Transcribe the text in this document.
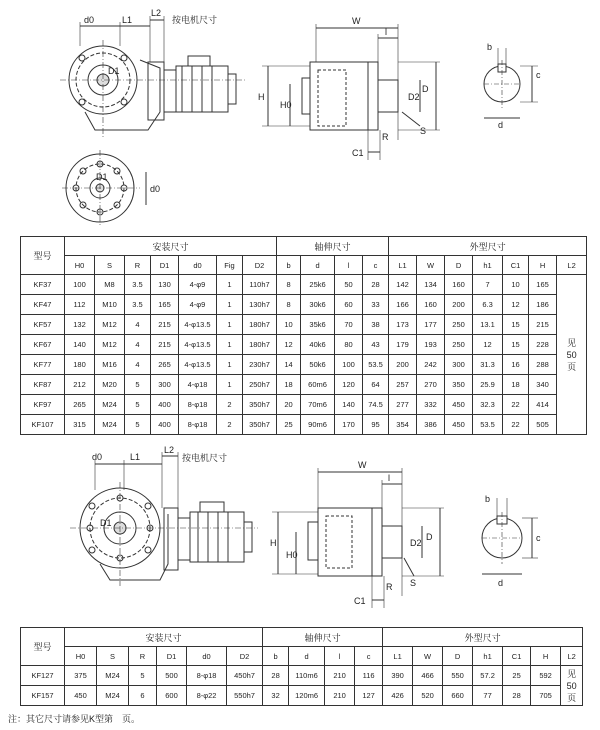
d0	L1
L2
按电机尺寸
D1
D1
d0
W
l
H
H0
D2
D
R
S
C1
b
c
d
型号	安装尺寸							轴伸尺寸				外型尺寸						
	H0	S	R	D1	d0	Fig	D2	b	d	l	c	L1	W	D	h1	C1	H	L2
KF37	100	M8	3.5	130	4-φ9	1	110h7	8	25k6	50	28	142	134	160	7	10	165	见
50
页
KF47	112	M10	3.5	165	4-φ9	1	130h7	8	30k6	60	33	166	160	200	6.3	12	186	
KF57	132	M12	4	215	4-φ13.5	1	180h7	10	35k6	70	38	173	177	250	13.1	15	215	
KF67	140	M12	4	215	4-φ13.5	1	180h7	12	40k6	80	43	179	193	250	12	15	228	
KF77	180	M16	4	265	4-φ13.5	1	230h7	14	50k6	100	53.5	200	242	300	31.3	16	288	
KF87	212	M20	5	300	4-φ18	1	250h7	18	60m6	120	64	257	270	350	25.9	18	340	
KF97	265	M24	5	400	8-φ18	2	350h7	20	70m6	140	74.5	277	332	450	32.3	22	414	
KF107	315	M24	5	400	8-φ18	2	350h7	25	90m6	170	95	354	386	450	53.5	22	505	
d0	L1
L2
按电机尺寸
D1
W
l
H
H0
D2
D
R S
C1
b
c
d
型号	安装尺寸						轴伸尺寸				外型尺寸						
	H0	S	R	D1	d0	D2	b	d	l	c	L1	W	D	h1	C1	H	L2
KF127	375	M24	5	500	8-φ18	450h7	28	110m6	210	116	390	466	550	57.2	25	592	见
50
页
KF157	450	M24	6	600	8-φ22	550h7	32	120m6	210	127	426	520	660	77	28	705	
注：其它尺寸请参见K型第　页。
